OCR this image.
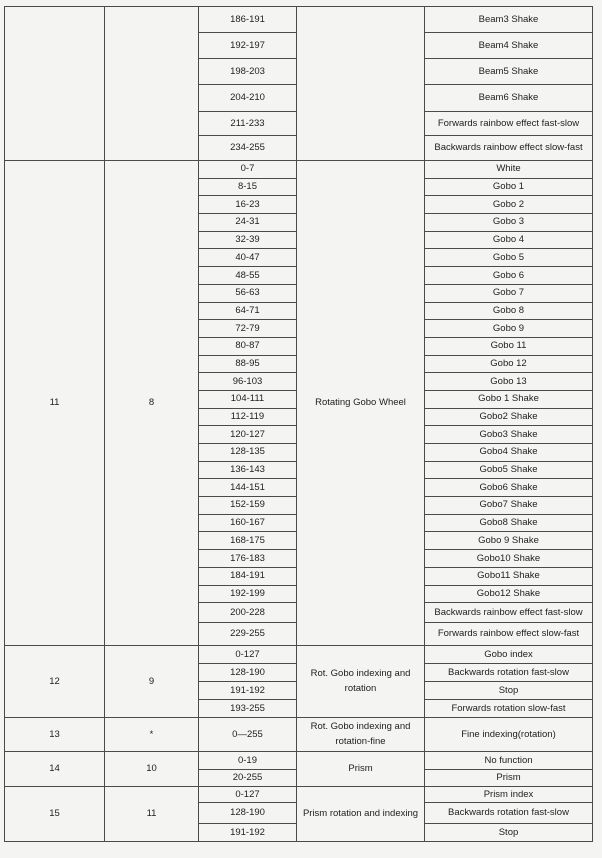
		186-191		Beam3 Shake
		192-197		Beam4 Shake
		198-203		Beam5 Shake
		204-210		Beam6 Shake
		211-233		Forwards rainbow effect fast-slow
		234-255		Backwards rainbow effect slow-fast
11	8	0-7	Rotating Gobo Wheel	White
		8-15		Gobo 1
		16-23		Gobo 2
		24-31		Gobo 3
		32-39		Gobo 4
		40-47		Gobo 5
		48-55		Gobo 6
		56-63		Gobo 7
		64-71		Gobo 8
		72-79		Gobo 9
		80-87		Gobo 11
		88-95		Gobo 12
		96-103		Gobo 13
		104-111		Gobo 1 Shake
		112-119		Gobo2 Shake
		120-127		Gobo3 Shake
		128-135		Gobo4 Shake
		136-143		Gobo5 Shake
		144-151		Gobo6 Shake
		152-159		Gobo7 Shake
		160-167		Gobo8 Shake
		168-175		Gobo 9 Shake
		176-183		Gobo10 Shake
		184-191		Gobo11 Shake
		192-199		Gobo12 Shake
		200-228		Backwards rainbow effect fast-slow
		229-255		Forwards rainbow effect slow-fast
12	9	0-127	Rot. Gobo indexing and rotation	Gobo index
		128-190		Backwards rotation fast-slow
		191-192		Stop
		193-255		Forwards rotation slow-fast
13	*	0—255	Rot. Gobo indexing and rotation-fine	Fine indexing(rotation)
14	10	0-19	Prism	No function
		20-255		Prism
15	11	0-127	Prism rotation and indexing	Prism index
		128-190		Backwards rotation fast-slow
		191-192		Stop
